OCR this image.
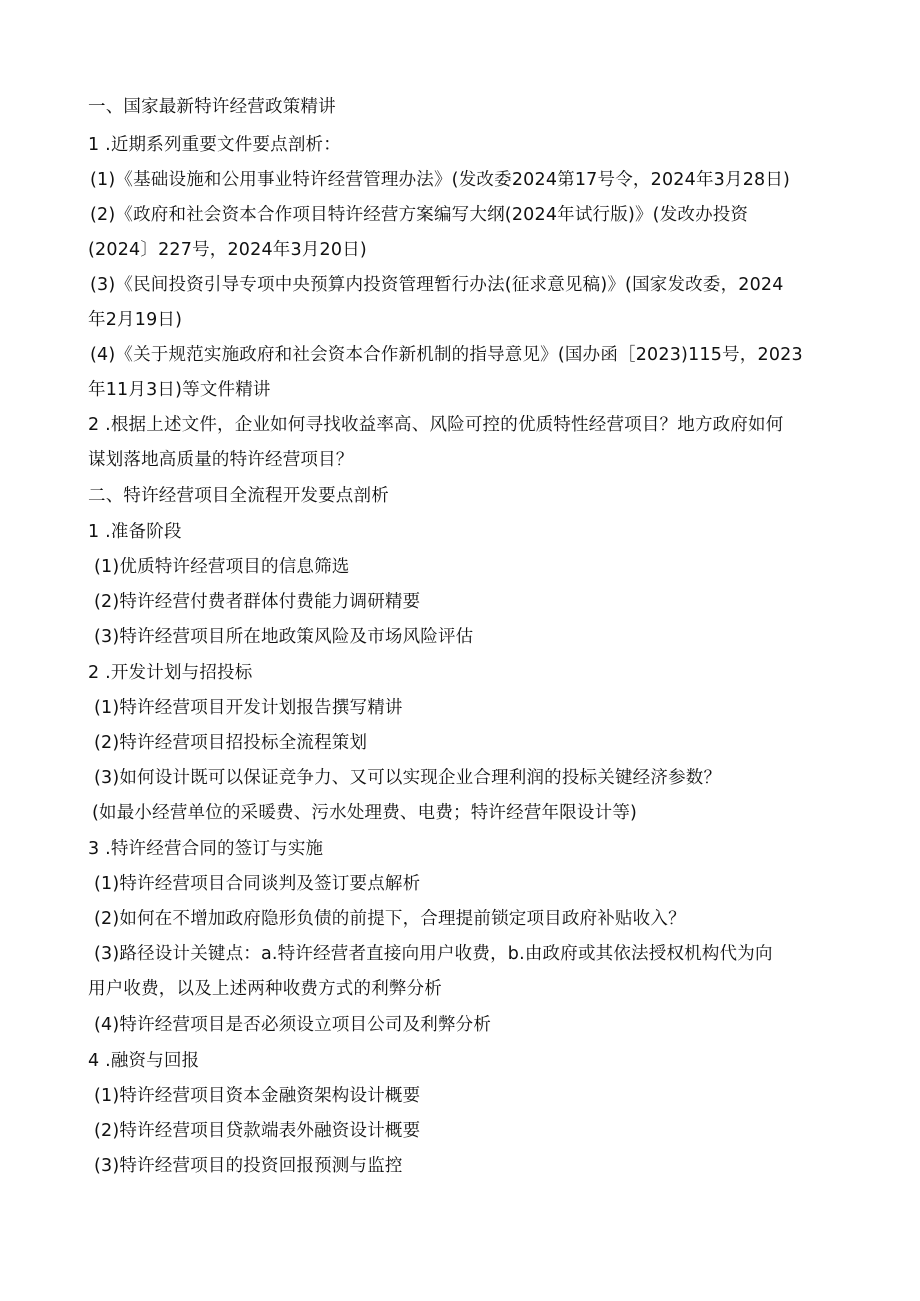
一、国家最新特许经营政策精讲
1 .近期系列重要文件要点剖析：
(1)《基础设施和公用事业特许经营管理办法》(发改委2024第17号令，2024年3月28日)
(2)《政府和社会资本合作项目特许经营方案编写大纲(2024年试行版)》(发改办投资
(2024〕227号，2024年3月20日)
(3)《民间投资引导专项中央预算内投资管理暂行办法(征求意见稿)》(国家发改委，2024
年2月19日)
(4)《关于规范实施政府和社会资本合作新机制的指导意见》(国办函［2023)115号，2023
年11月3日)等文件精讲
2 .根据上述文件，企业如何寻找收益率高、风险可控的优质特性经营项目？地方政府如何
谋划落地高质量的特许经营项目？
二、特许经营项目全流程开发要点剖析
1 .准备阶段
(1)优质特许经营项目的信息筛选
(2)特许经营付费者群体付费能力调研精要
(3)特许经营项目所在地政策风险及市场风险评估
2 .开发计划与招投标
(1)特许经营项目开发计划报告撰写精讲
(2)特许经营项目招投标全流程策划
(3)如何设计既可以保证竞争力、又可以实现企业合理利润的投标关键经济参数？
(如最小经营单位的采暖费、污水处理费、电费；特许经营年限设计等)
3 .特许经营合同的签订与实施
(1)特许经营项目合同谈判及签订要点解析
(2)如何在不增加政府隐形负债的前提下，合理提前锁定项目政府补贴收入？
(3)路径设计关键点：a.特许经营者直接向用户收费，b.由政府或其依法授权机构代为向
用户收费，以及上述两种收费方式的利弊分析
(4)特许经营项目是否必须设立项目公司及利弊分析
4 .融资与回报
(1)特许经营项目资本金融资架构设计概要
(2)特许经营项目贷款端表外融资设计概要
(3)特许经营项目的投资回报预测与监控
